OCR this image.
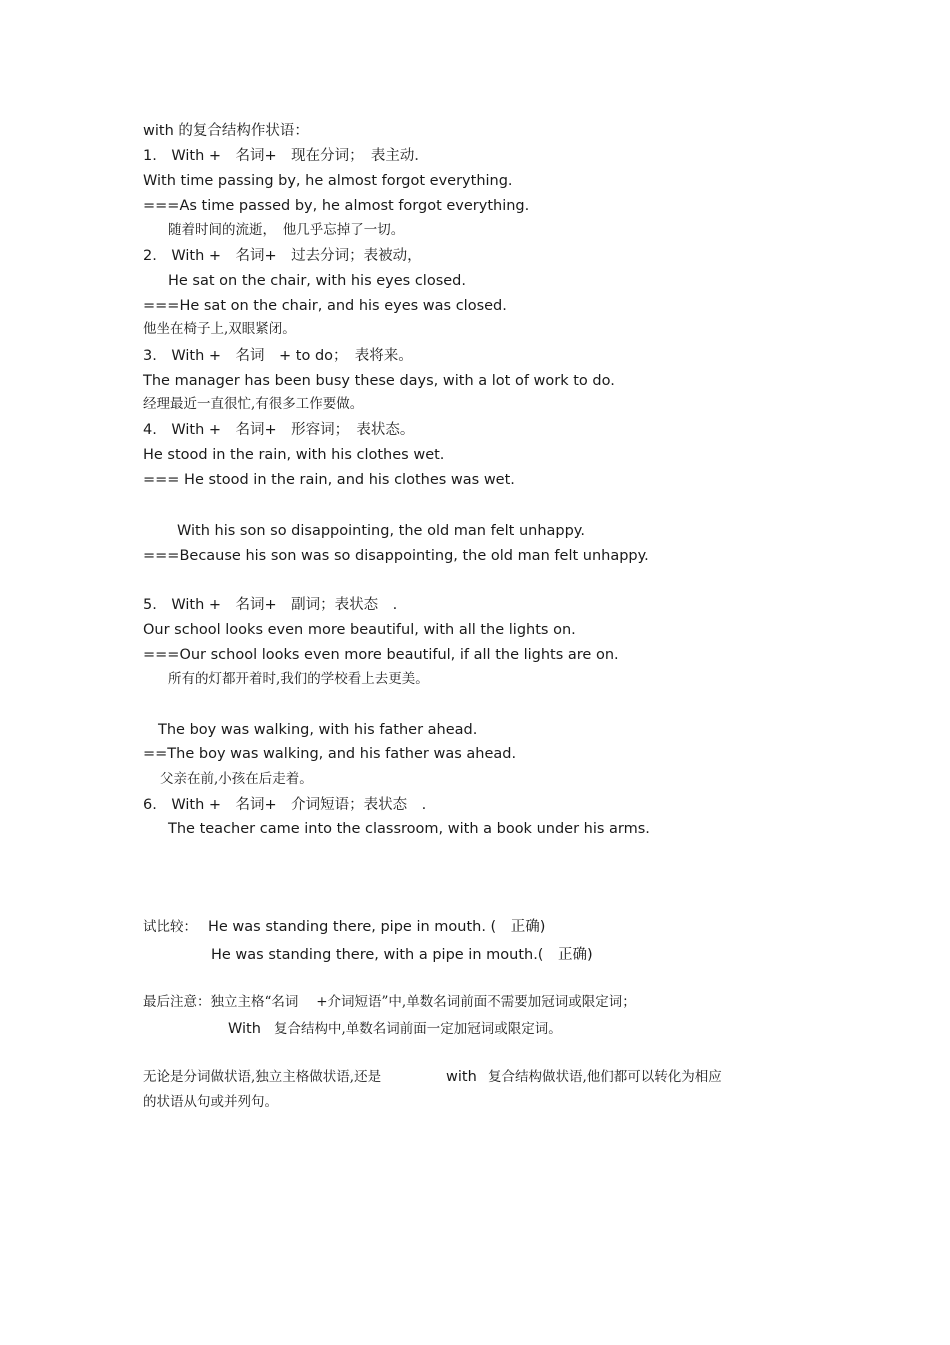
with 的复合结构作状语：
1.　With +　名词+　现在分词；　表主动．
With time passing by, he almost forgot everything.
===As time passed by, he almost forgot everything.
随着时间的流逝，　他几乎忘掉了一切。
2.　With +　名词+　过去分词；表被动，
He sat on the chair, with his eyes closed.
===He sat on the chair, and his eyes was closed.
他坐在椅子上,双眼紧闭。
3.　With +　名词　+ to do；　表将来。
The manager has been busy these days, with a lot of work to do.
经理最近一直很忙,有很多工作要做。
4.　With +　名词+　形容词；　表状态。
He stood in the rain, with his clothes wet.
=== He stood in the rain, and his clothes was wet.
With his son so disappointing, the old man felt unhappy.
===Because his son was so disappointing, the old man felt unhappy.
5.　With +　名词+　副词；表状态　.
Our school looks even more beautiful, with all the lights on.
===Our school looks even more beautiful, if all the lights are on.
所有的灯都开着时,我们的学校看上去更美。
The boy was walking, with his father ahead.
==The boy was walking, and his father was ahead.
父亲在前,小孩在后走着。
6.　With +　名词+　介词短语；表状态　.
The teacher came into the classroom, with a book under his arms.
试比较： He was standing there, pipe in mouth. (　正确)
He was standing there, with a pipe in mouth.(　正确)
最后注意：独立主格“名词　 +介词短语”中,单数名词前面不需要加冠词或限定词；
With 复合结构中,单数名词前面一定加冠词或限定词。
无论是分词做状语,独立主格做状语,还是	with 复合结构做状语,他们都可以转化为相应
的状语从句或并列句。
